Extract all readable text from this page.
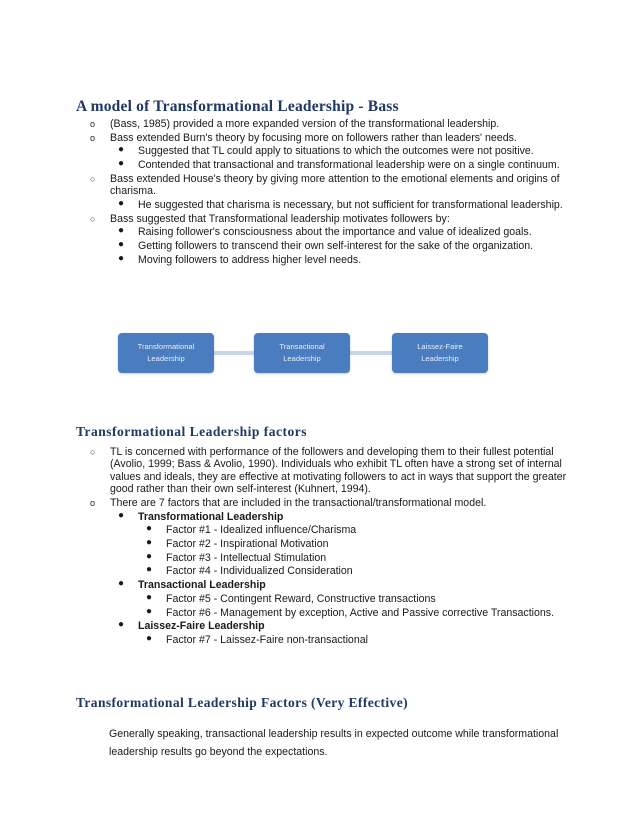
A model of Transformational Leadership - Bass
o	(Bass, 1985) provided a more expanded version of the transformational leadership.
o	Bass extended Burn's theory by focusing more on followers rather than leaders' needs.
● Suggested that TL could apply to situations to which the outcomes were not positive.
● Contended that transactional and transformational leadership were on a single continuum.
○	Bass extended House's theory by giving more attention to the emotional elements and origins of charisma.
● He suggested that charisma is necessary, but not sufficient for transformational leadership.
○	Bass suggested that Transformational leadership motivates followers by:
● Raising follower's consciousness about the importance and value of idealized goals.
● Getting followers to transcend their own self-interest for the sake of the organization.
● Moving followers to address higher level needs.
Transformational
Leadership
Transactional
Leadership
Laissez-Faire
Leadership
Transformational Leadership factors
○	TL is concerned with performance of the followers and developing them to their fullest potential (Avolio, 1999; Bass & Avolio, 1990). Individuals who exhibit TL often have a strong set of internal values and ideals, they are effective at motivating followers to act in ways that support the greater good rather than their own self-interest (Kuhnert, 1994).
o	There are 7 factors that are included in the transactional/transformational model.
● Transformational Leadership
● Factor #1 - Idealized influence/Charisma
● Factor #2 - Inspirational Motivation
● Factor #3 - Intellectual Stimulation
● Factor #4 - Individualized Consideration
● Transactional Leadership
● Factor #5 - Contingent Reward, Constructive transactions
● Factor #6 - Management by exception, Active and Passive corrective Transactions.
● Laissez-Faire Leadership
● Factor #7 - Laissez-Faire non-transactional
Transformational Leadership Factors (Very Effective)

Generally speaking, transactional leadership results in expected outcome while transformational leadership results go beyond the expectations.
